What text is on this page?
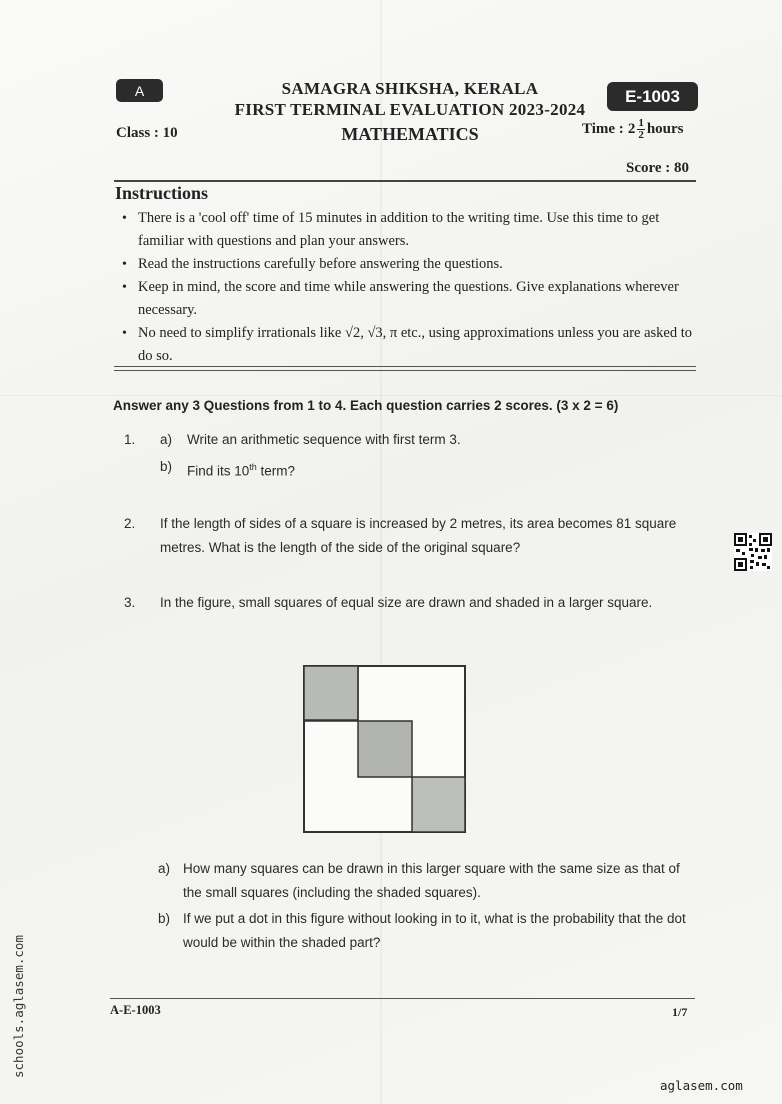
A	SAMAGRA SHIKSHA, KERALA
FIRST TERMINAL EVALUATION 2023-2024
E-1003
Class : 10	MATHEMATICS	Time : $2 \frac{1}{2}$ hours
Score : 80
Instructions
• There is a 'cool off' time of 15 minutes in addition to the writing time. Use this time to get familiar with questions and plan your answers.
• Read the instructions carefully before answering the questions.
• Keep in mind, the score and time while answering the questions. Give explanations wherever necessary.
• No need to simplify irrationals like √2, √3, π etc., using approximations unless you are asked to do so.
Answer any 3 Questions from 1 to 4. Each question carries 2 scores. (3 x 2 = 6)
1. a) Write an arithmetic sequence with first term 3.
b) Find its 10th term?
2. If the length of sides of a square is increased by 2 metres, its area becomes 81 square metres. What is the length of the side of the original square?
3. In the figure, small squares of equal size are drawn and shaded in a larger square.
a) How many squares can be drawn in this larger square with the same size as that of the small squares (including the shaded squares).
b) If we put a dot in this figure without looking in to it, what is the probability that the dot would be within the shaded part?
A-E-1003	1/7
schools.aglasem.com
aglasem.com
